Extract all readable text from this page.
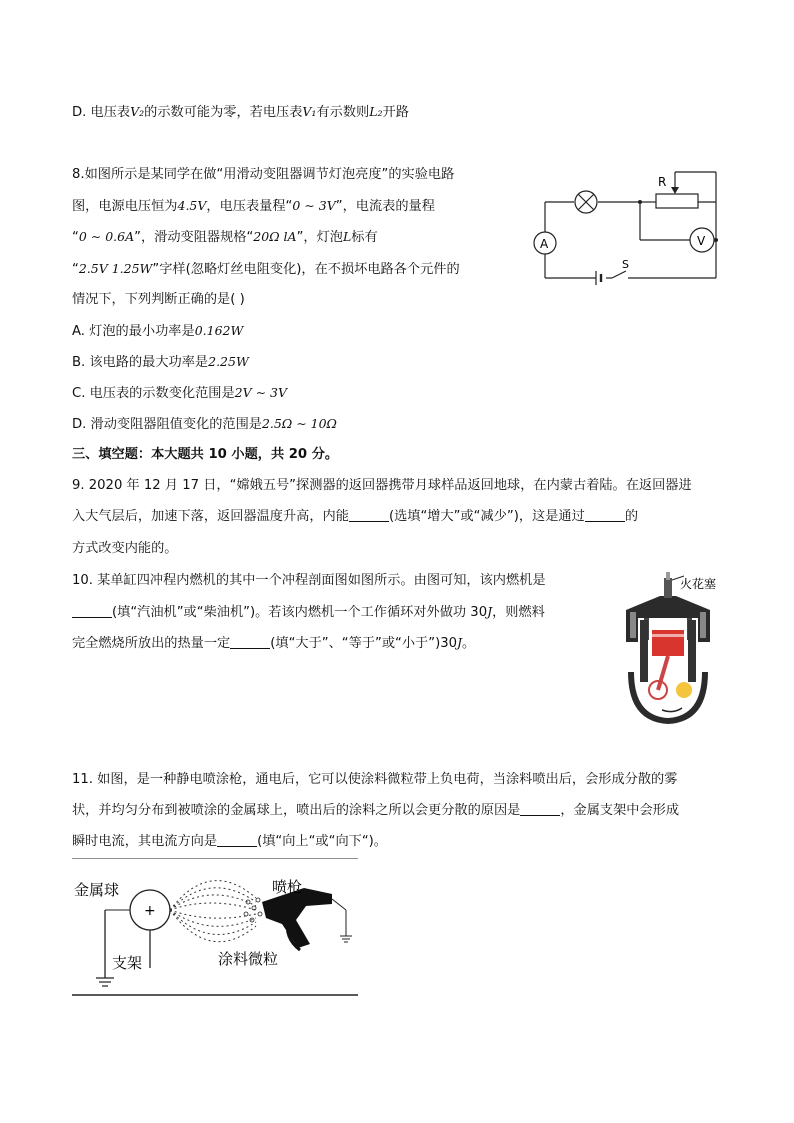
D. 电压表V₂的示数可能为零，若电压表V₁有示数则L₂开路
8.如图所示是某同学在做“用滑动变阻器调节灯泡亮度”的实验电路
图，电源电压恒为4.5V，电压表量程“0 ∼ 3V”，电流表的量程
“0 ∼ 0.6A”，滑动变阻器规格“20Ω lA”，灯泡L标有
“2.5V 1.25W”字样(忽略灯丝电阻变化)，在不损坏电路各个元件的
情况下，下列判断正确的是( )
A. 灯泡的最小功率是0.162W
B. 该电路的最大功率是2.25W
C. 电压表的示数变化范围是2V ∼ 3V
D. 滑动变阻器阻值变化的范围是2.5Ω ∼ 10Ω
R
A	V
S
三、填空题：本大题共 10 小题，共 20 分。
9. 2020 年 12 月 17 日，“嫦娥五号”探测器的返回器携带月球样品返回地球，在内蒙古着陆。在返回器进
入大气层后，加速下落，返回器温度升高，内能	(选填“增大”或“减少”)，这是通过	的
方式改变内能的。
10. 某单缸四冲程内燃机的其中一个冲程剖面图如图所示。由图可知，该内燃机是
(填“汽油机”或“柴油机”)。若该内燃机一个工作循环对外做功 30J，则燃料
完全燃烧所放出的热量一定	(填“大于”、“等于”或“小于”)30J。
火花塞
11. 如图，是一种静电喷涂枪，通电后，它可以使涂料微粒带上负电荷，当涂料喷出后，会形成分散的雾
状，并均匀分布到被喷涂的金属球上，喷出后的涂料之所以会更分散的原因是	，金属支架中会形成
瞬时电流，其电流方向是	(填“向上“或“向下“)。
+
金属球	喷枪
支架	涂料微粒
